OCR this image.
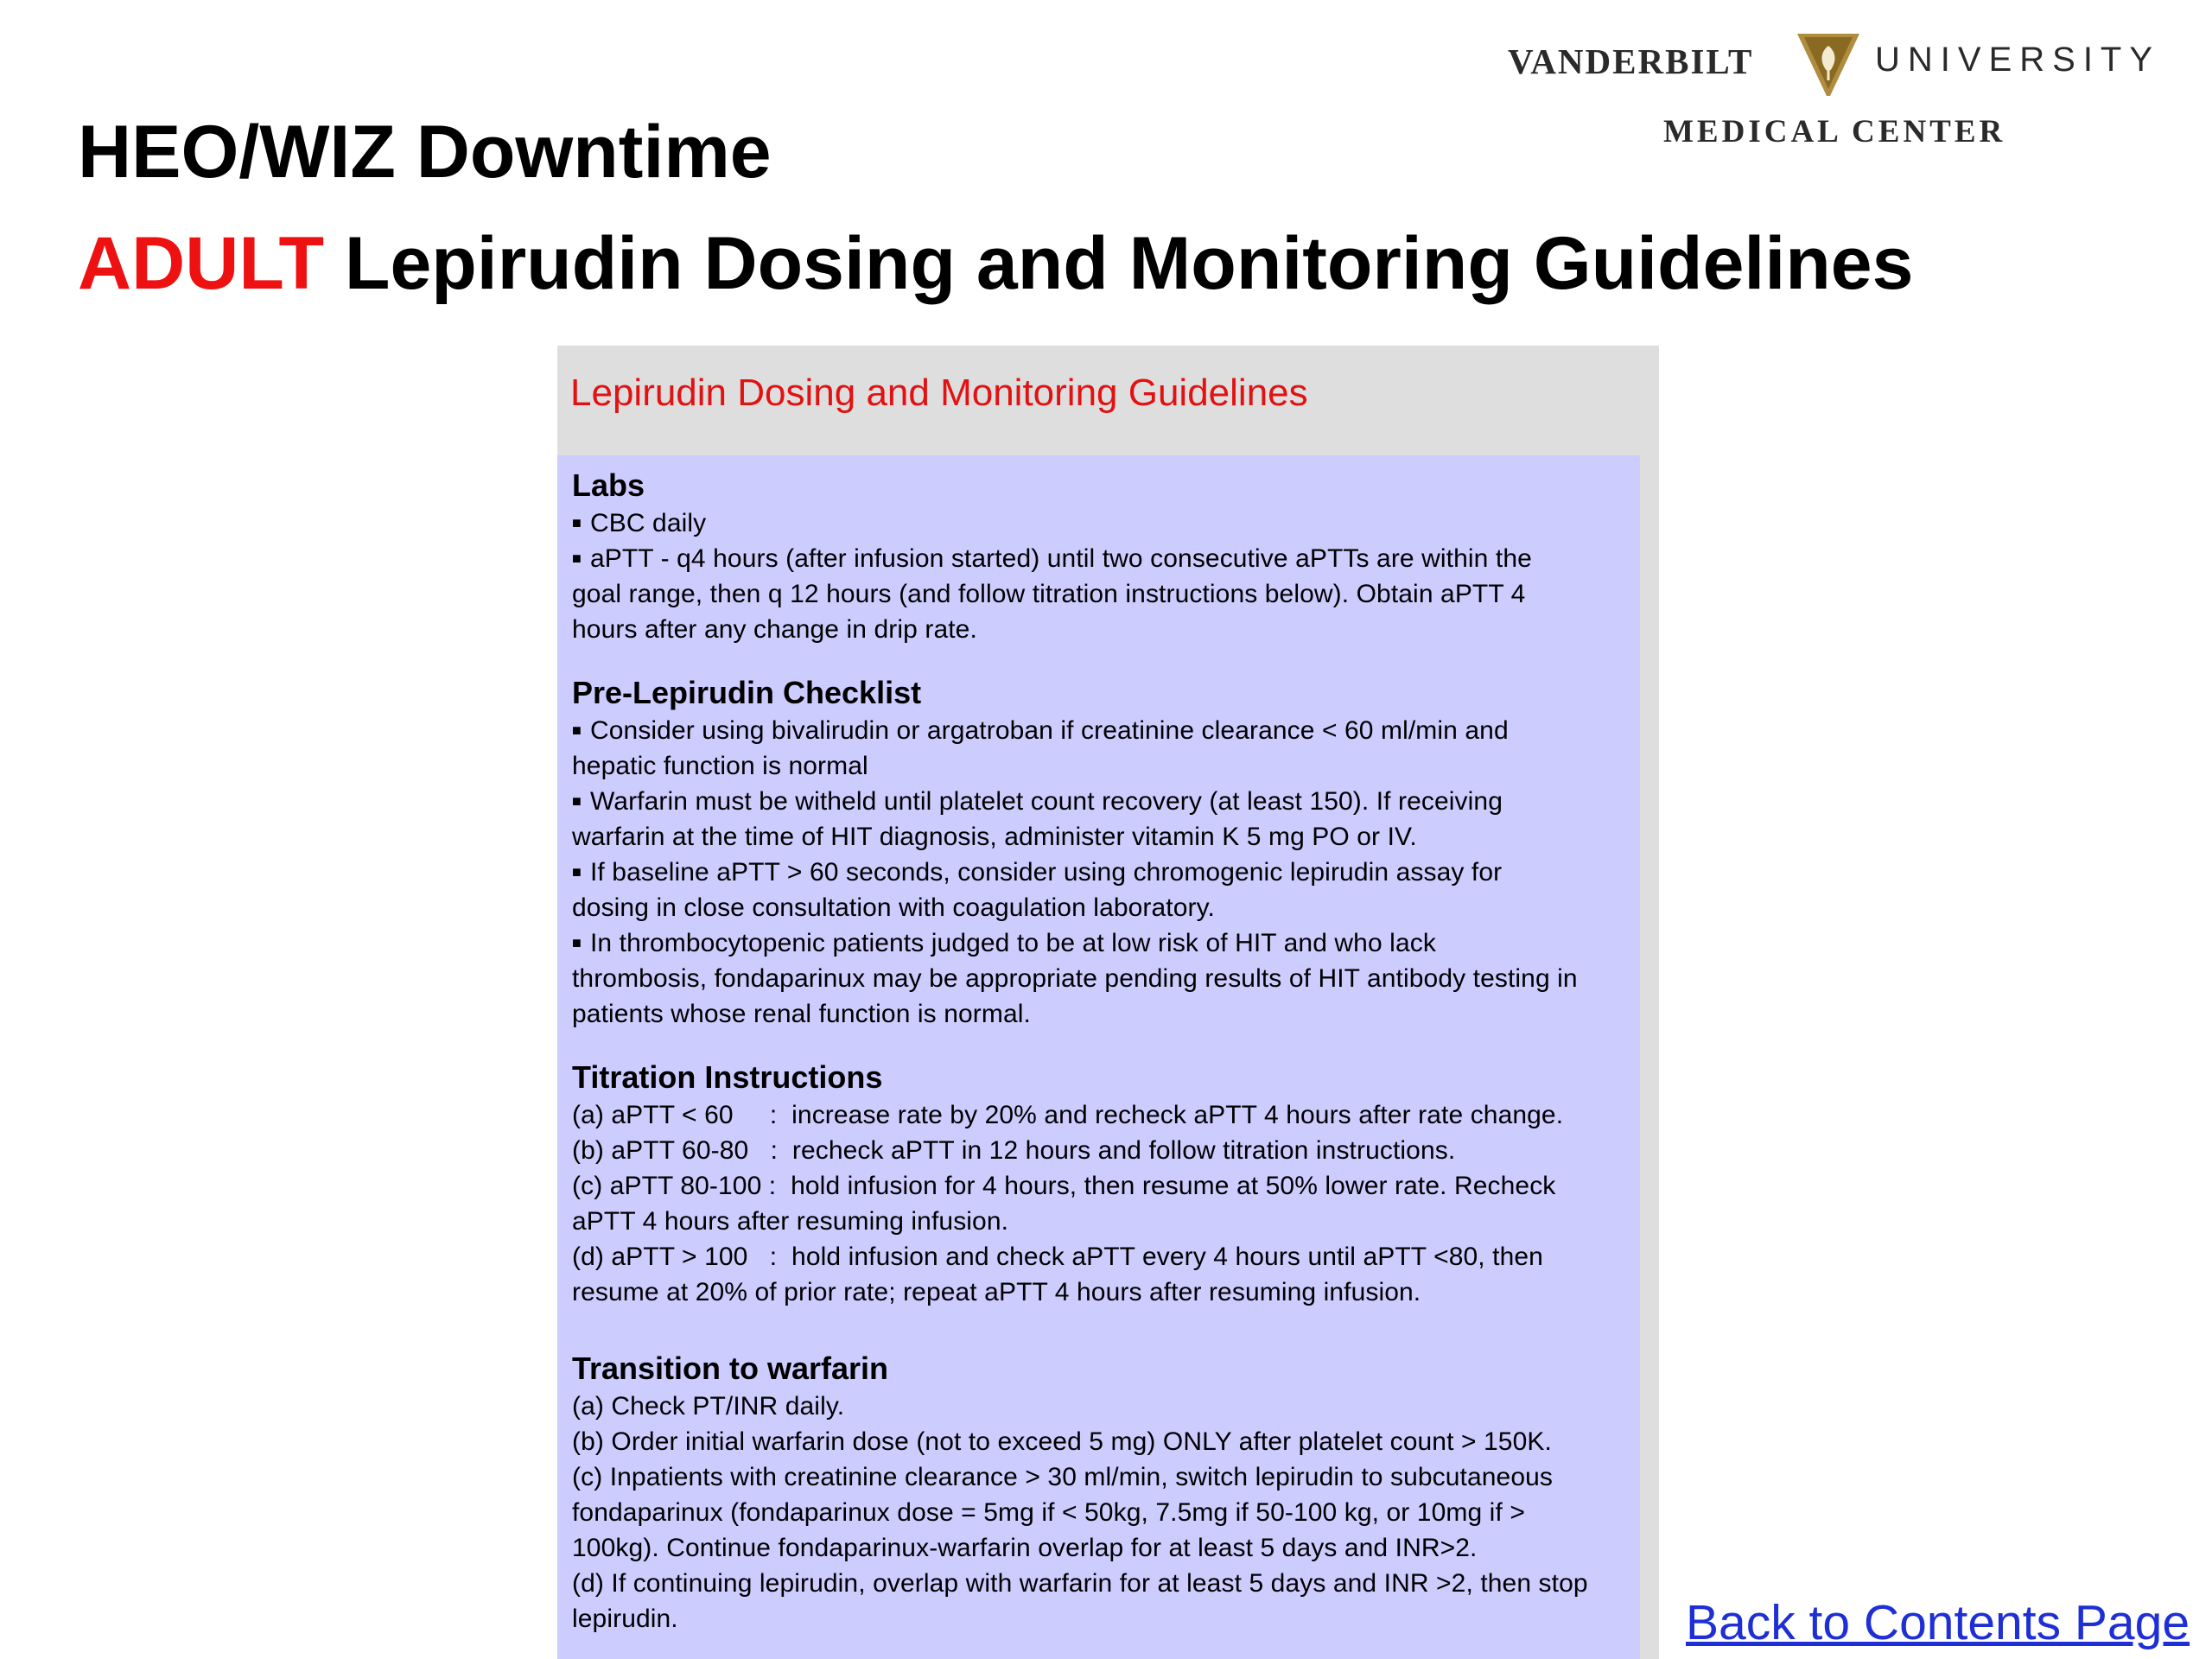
VANDERBILT	UNIVERSITY
MEDICAL CENTER
HEO/WIZ Downtime
ADULT Lepirudin Dosing and Monitoring Guidelines
Lepirudin Dosing and Monitoring Guidelines
Labs
■ CBC daily
■ aPTT - q4 hours (after infusion started) until two consecutive aPTTs are within the
goal range, then q 12 hours (and follow titration instructions below). Obtain aPTT 4
hours after any change in drip rate.
Pre-Lepirudin Checklist
■ Consider using bivalirudin or argatroban if creatinine clearance < 60 ml/min and
hepatic function is normal
■ Warfarin must be witheld until platelet count recovery (at least 150). If receiving
warfarin at the time of HIT diagnosis, administer vitamin K 5 mg PO or IV.
■ If baseline aPTT > 60 seconds, consider using chromogenic lepirudin assay for
dosing in close consultation with coagulation laboratory.
■ In thrombocytopenic patients judged to be at low risk of HIT and who lack
thrombosis, fondaparinux may be appropriate pending results of HIT antibody testing in
patients whose renal function is normal.
Titration Instructions
(a) aPTT < 60     :  increase rate by 20% and recheck aPTT 4 hours after rate change.
(b) aPTT 60-80   :  recheck aPTT in 12 hours and follow titration instructions.
(c) aPTT 80-100 :  hold infusion for 4 hours, then resume at 50% lower rate. Recheck
aPTT 4 hours after resuming infusion.
(d) aPTT > 100   :  hold infusion and check aPTT every 4 hours until aPTT <80, then
resume at 20% of prior rate; repeat aPTT 4 hours after resuming infusion.
Transition to warfarin
(a) Check PT/INR daily.
(b) Order initial warfarin dose (not to exceed 5 mg) ONLY after platelet count > 150K.
(c) Inpatients with creatinine clearance > 30 ml/min, switch lepirudin to subcutaneous
fondaparinux (fondaparinux dose = 5mg if < 50kg, 7.5mg if 50-100 kg, or 10mg if >
100kg). Continue fondaparinux-warfarin overlap for at least 5 days and INR>2.
(d) If continuing lepirudin, overlap with warfarin for at least 5 days and INR >2, then stop
lepirudin.	Back to Contents Page
